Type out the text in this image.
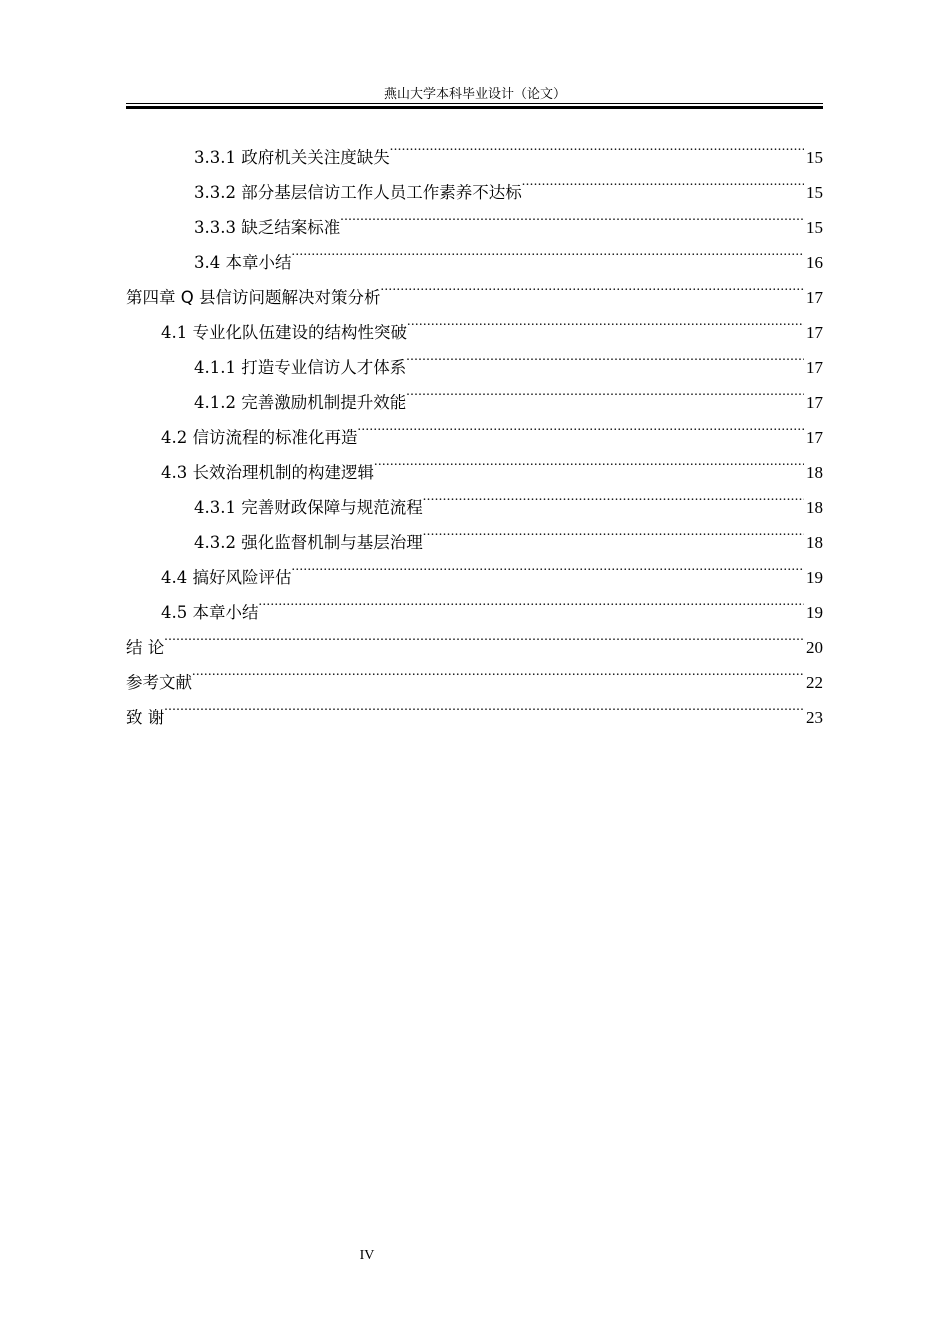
燕山大学本科毕业设计（论文）
3.3.1 政府机关关注度缺失 .....	15
3.3.2 部分基层信访工作人员工作素养不达标 .....	15
3.3.3 缺乏结案标准 .....	15
3.4 本章小结 .....	16
第四章 Q 县信访问题解决对策分析 .....	17
4.1 专业化队伍建设的结构性突破 .....	17
4.1.1 打造专业信访人才体系 .....	17
4.1.2 完善激励机制提升效能 .....	17
4.2 信访流程的标准化再造 .....	17
4.3 长效治理机制的构建逻辑 .....	18
4.3.1 完善财政保障与规范流程 .....	18
4.3.2 强化监督机制与基层治理 .....	18
4.4 搞好风险评估 .....	19
4.5 本章小结 .....	19
结 论 .....	20
参考文献 .....	22
致 谢 .....	23
IV
